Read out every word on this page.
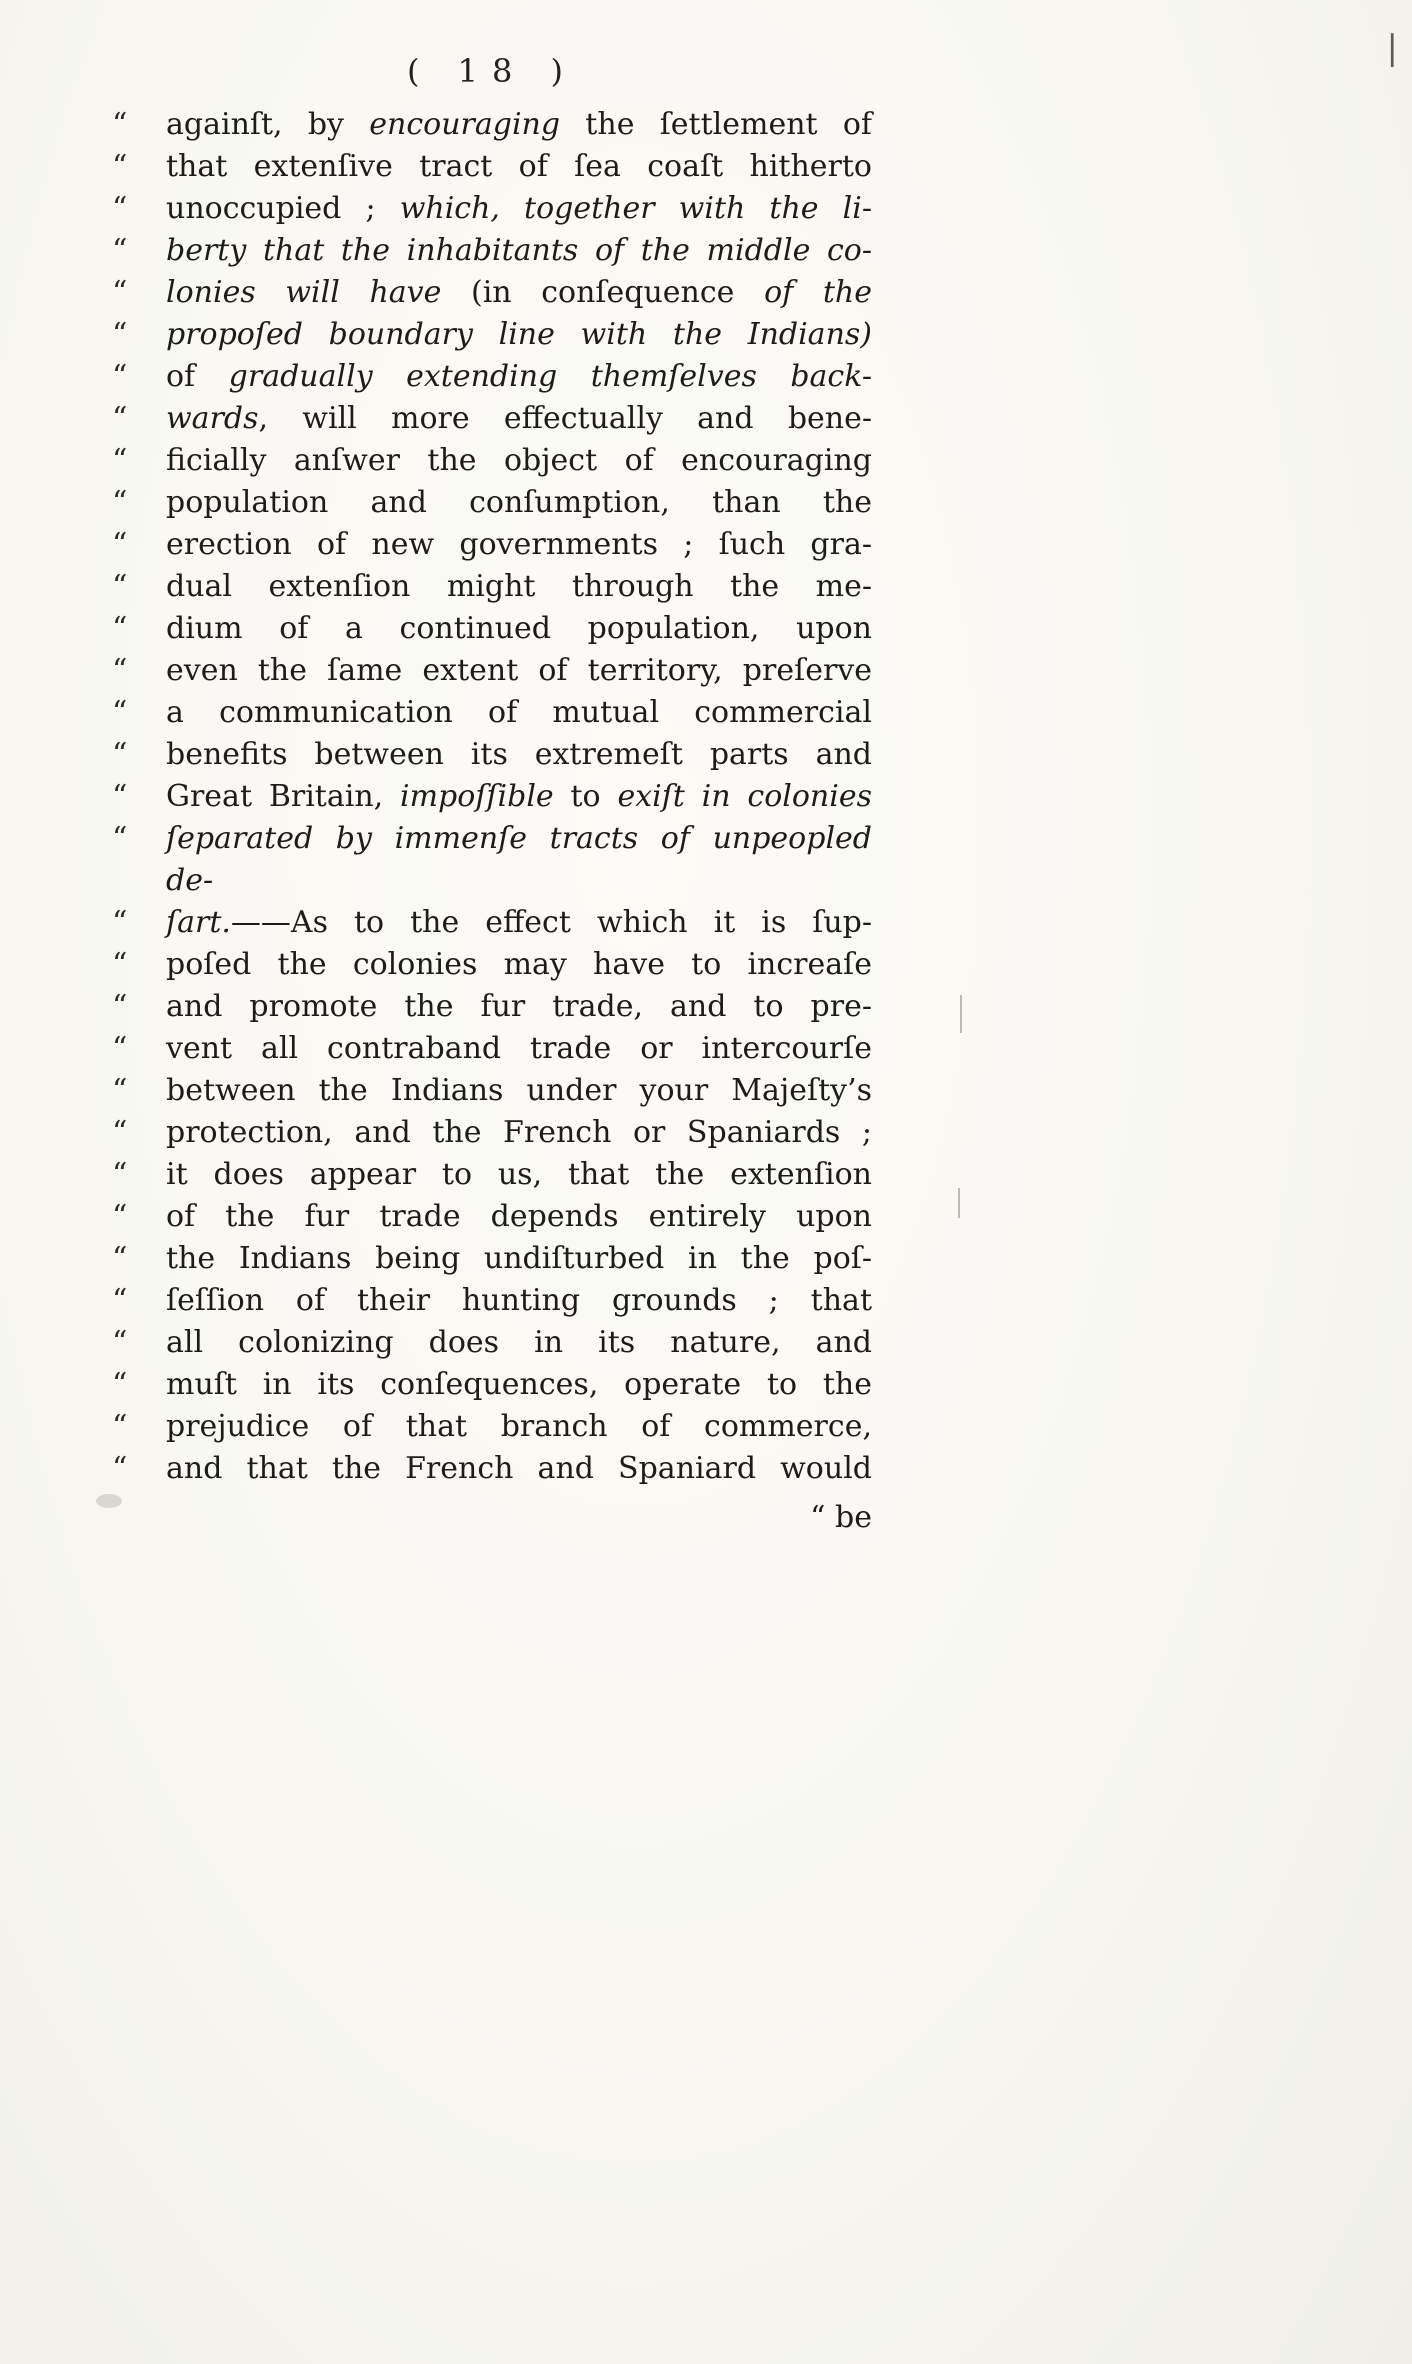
|
( 18 )
“	againſt, by encouraging the ſettlement of
“	that extenſive tract of ſea coaſt hitherto
“	unoccupied ; which, together with the li-
“	berty that the inhabitants of the middle co-
“	lonies will have (in conſequence of the
“	propoſed boundary line with the Indians)
“	of gradually extending themſelves back-
“	wards, will more effectually and bene-
“	ficially anſwer the object of encouraging
“	population and conſumption, than the
“	erection of new governments ; ſuch gra-
“	dual extenſion might through the me-
“	dium of a continued population, upon
“	even the ſame extent of territory, preſerve
“	a communication of mutual commercial
“	benefits between its extremeſt parts and
“	Great Britain, impoſſible to exiſt in colonies
“	ſeparated by immenſe tracts of unpeopled de-
“	ſart.——As to the effect which it is ſup-
“	poſed the colonies may have to increaſe
“	and promote the fur trade, and to pre-
“	vent all contraband trade or intercourſe
“	between the Indians under your Majeſty’s
“	protection, and the French or Spaniards ;
“	it does appear to us, that the extenſion
“	of the fur trade depends entirely upon
“	the Indians being undiſturbed in the poſ-
“	ſeſſion of their hunting grounds ; that
“	all colonizing does in its nature, and
“	muſt in its conſequences, operate to the
“	prejudice of that branch of commerce,
“	and that the French and Spaniard would
“ be
